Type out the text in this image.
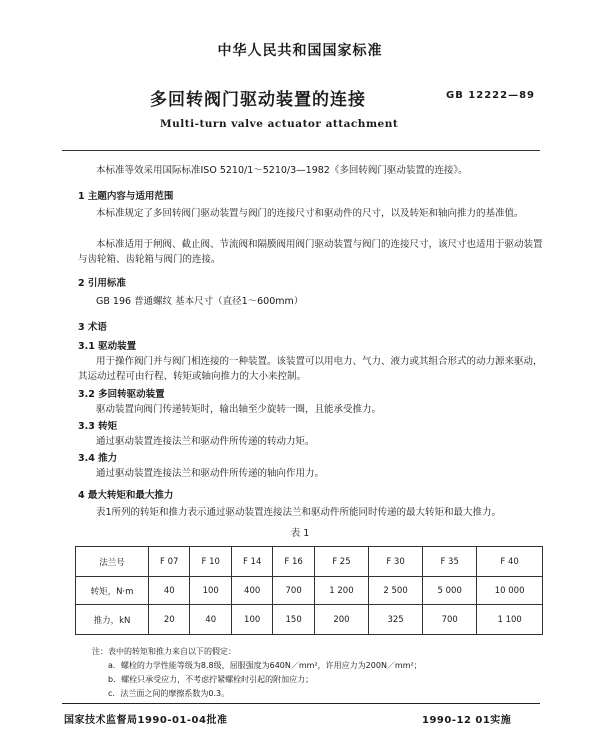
中华人民共和国国家标准
多回转阀门驱动装置的连接	GB 12222—89
Multi-turn valve actuator attachment
本标准等效采用国际标准ISO 5210/1～5210/3—1982《多回转阀门驱动装置的连接》。
1 主题内容与适用范围
本标准规定了多回转阀门驱动装置与阀门的连接尺寸和驱动件的尺寸，以及转矩和轴向推力的基准值。
本标准适用于闸阀、截止阀、节流阀和隔膜阀用阀门驱动装置与阀门的连接尺寸，该尺寸也适用于驱动装置与齿轮箱、齿轮箱与阀门的连接。
2 引用标准
GB 196 普通螺纹 基本尺寸（直径1～600mm）
3 术语
3.1 驱动装置
用于操作阀门并与阀门相连接的一种装置。该装置可以用电力、气力、液力或其组合形式的动力源来驱动，其运动过程可由行程、转矩或轴向推力的大小来控制。
3.2 多回转驱动装置
驱动装置向阀门传递转矩时，输出轴至少旋转一圈，且能承受推力。
3.3 转矩
通过驱动装置连接法兰和驱动件所传递的转动力矩。
3.4 推力
通过驱动装置连接法兰和驱动件所传递的轴向作用力。
4 最大转矩和最大推力
表1所列的转矩和推力表示通过驱动装置连接法兰和驱动件所能同时传递的最大转矩和最大推力。
表 1
法兰号	F 07	F 10	F 14	F 16	F 25	F 30	F 35	F 40
转矩，N·m	40	100	400	700	1 200	2 500	5 000	10 000
推力，kN	20	40	100	150	200	325	700	1 100
注：表中的转矩和推力来自以下的假定：
a．螺栓的力学性能等级为8.8级，屈服强度为640N／mm²，许用应力为200N／mm²；
b．螺栓只承受应力，不考虑拧紧螺栓时引起的附加应力；
c．法兰面之间的摩擦系数为0.3。
国家技术监督局1990-01-04批准	1990-12 01实施
